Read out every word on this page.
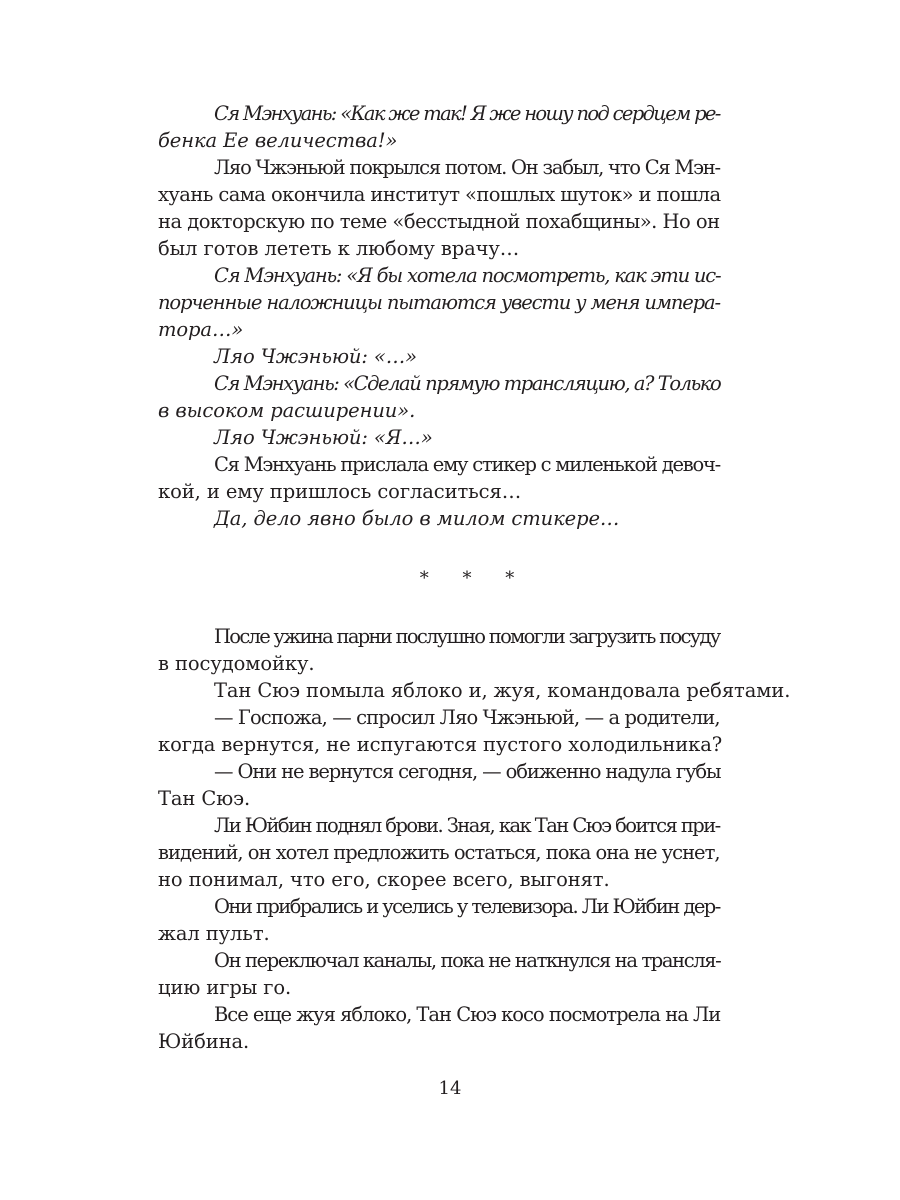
Ся Мэнхуань: «Как же так! Я же ношу под сердцем ре-
бенка Ее величества!»

Ляо Чжэньюй покрылся потом. Он забыл, что Ся Мэн-
хуань сама окончила институт «пошлых шуток» и пошла
на докторскую по теме «бесстыдной похабщины». Но он
был готов лететь к любому врачу…

Ся Мэнхуань: «Я бы хотела посмотреть, как эти ис-
порченные наложницы пытаются увести у меня импера-
тора…»

Ляо Чжэньюй: «…»

Ся Мэнхуань: «Сделай прямую трансляцию, а? Только
в высоком расширении».

Ляо Чжэньюй: «Я…»

Ся Мэнхуань прислала ему стикер с миленькой девоч-
кой, и ему пришлось согласиться…

Да, дело явно было в милом стикере…

* * *

После ужина парни послушно помогли загрузить посуду
в посудомойку.

Тан Сюэ помыла яблоко и, жуя, командовала ребятами.

— Госпожа, — спросил Ляо Чжэньюй, — а родители,
когда вернутся, не испугаются пустого холодильника?

— Они не вернутся сегодня, — обиженно надула губы
Тан Сюэ.

Ли Юйбин поднял брови. Зная, как Тан Сюэ боится при-
видений, он хотел предложить остаться, пока она не уснет,
но понимал, что его, скорее всего, выгонят.

Они прибрались и уселись у телевизора. Ли Юйбин дер-
жал пульт.

Он переключал каналы, пока не наткнулся на трансля-
цию игры го.

Все еще жуя яблоко, Тан Сюэ косо посмотрела на Ли
Юйбина.

14
